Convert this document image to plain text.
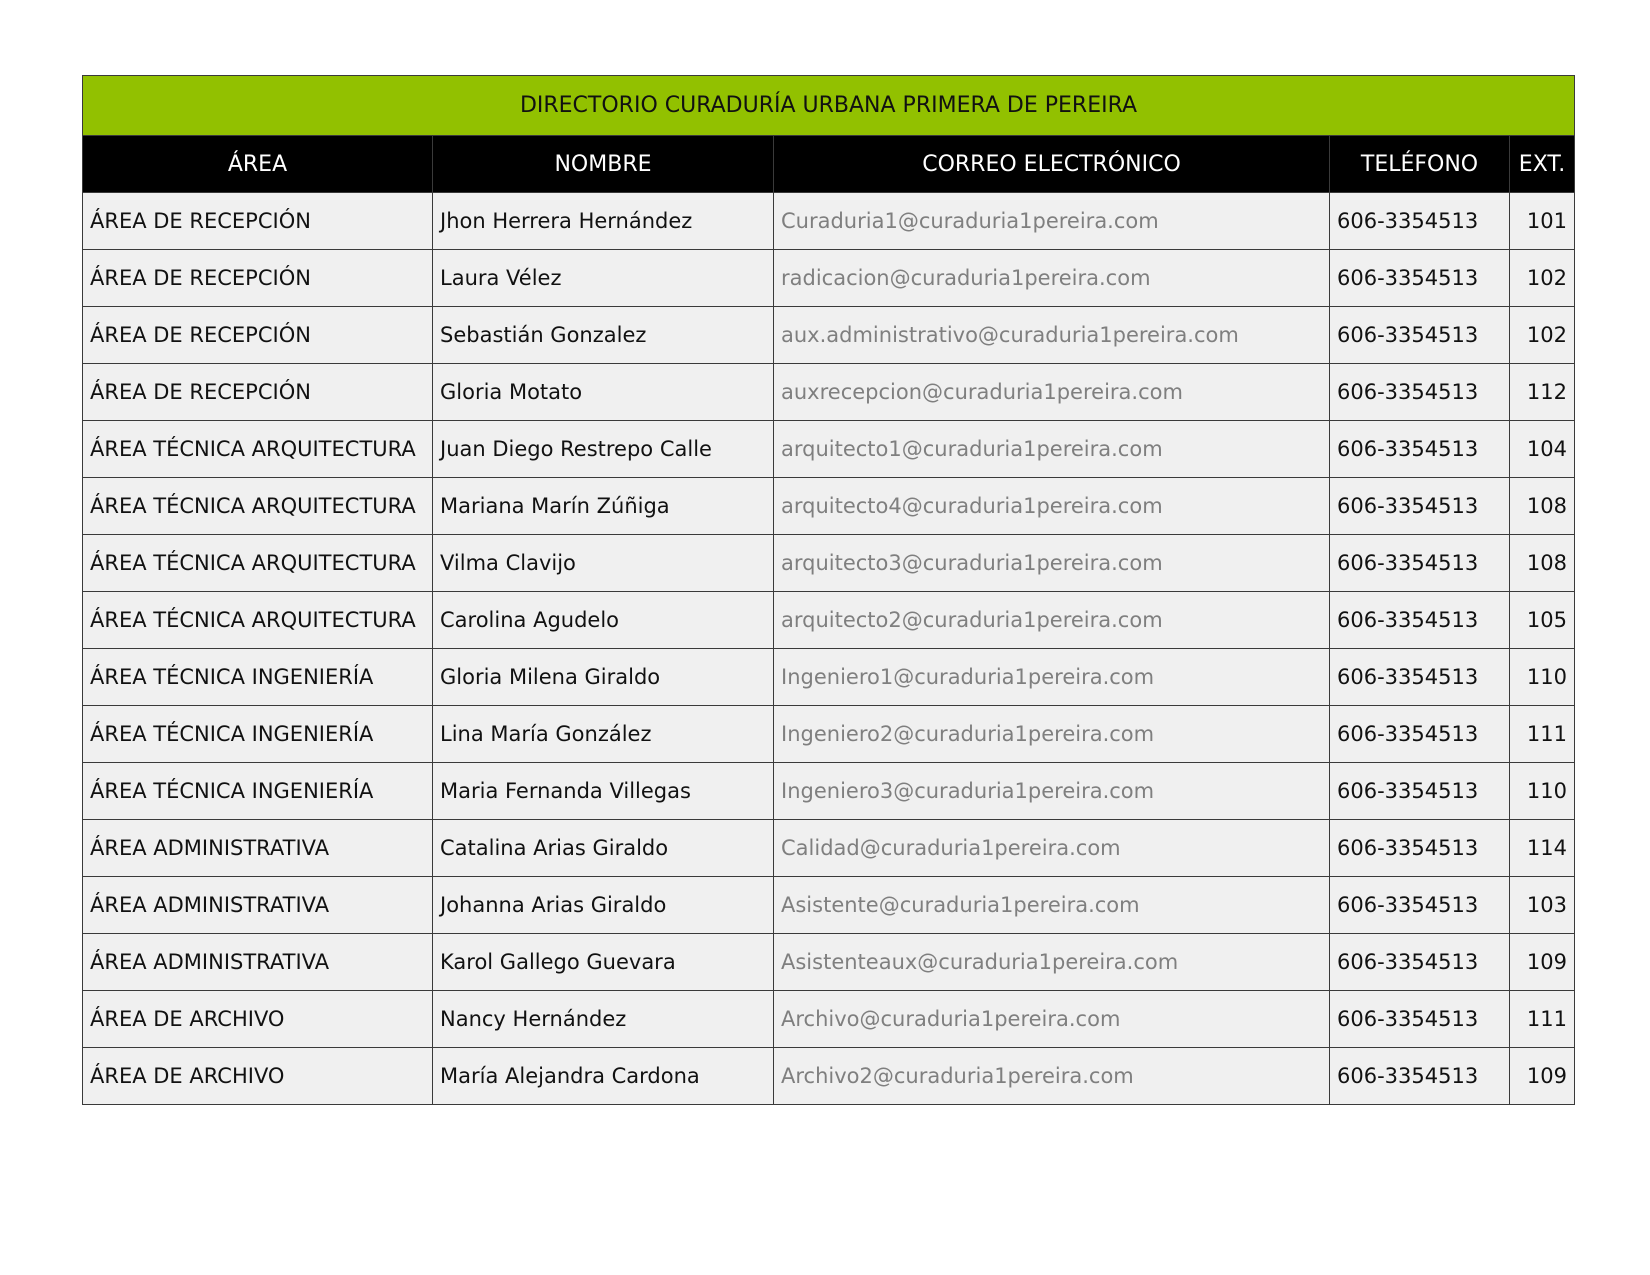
DIRECTORIO CURADURÍA URBANA PRIMERA DE PEREIRA				
ÁREA	NOMBRE	CORREO ELECTRÓNICO	TELÉFONO	EXT.
ÁREA DE RECEPCIÓN	Jhon Herrera Hernández	Curaduria1@curaduria1pereira.com	606-3354513	101
ÁREA DE RECEPCIÓN	Laura Vélez	radicacion@curaduria1pereira.com	606-3354513	102
ÁREA DE RECEPCIÓN	Sebastián Gonzalez	aux.administrativo@curaduria1pereira.com	606-3354513	102
ÁREA DE RECEPCIÓN	Gloria Motato	auxrecepcion@curaduria1pereira.com	606-3354513	112
ÁREA TÉCNICA ARQUITECTURA	Juan Diego Restrepo Calle	arquitecto1@curaduria1pereira.com	606-3354513	104
ÁREA TÉCNICA ARQUITECTURA	Mariana Marín Zúñiga	arquitecto4@curaduria1pereira.com	606-3354513	108
ÁREA TÉCNICA ARQUITECTURA	Vilma Clavijo	arquitecto3@curaduria1pereira.com	606-3354513	108
ÁREA TÉCNICA ARQUITECTURA	Carolina Agudelo	arquitecto2@curaduria1pereira.com	606-3354513	105
ÁREA TÉCNICA INGENIERÍA	Gloria Milena Giraldo	Ingeniero1@curaduria1pereira.com	606-3354513	110
ÁREA TÉCNICA INGENIERÍA	Lina María González	Ingeniero2@curaduria1pereira.com	606-3354513	111
ÁREA TÉCNICA INGENIERÍA	Maria Fernanda Villegas	Ingeniero3@curaduria1pereira.com	606-3354513	110
ÁREA ADMINISTRATIVA	Catalina Arias Giraldo	Calidad@curaduria1pereira.com	606-3354513	114
ÁREA ADMINISTRATIVA	Johanna Arias Giraldo	Asistente@curaduria1pereira.com	606-3354513	103
ÁREA ADMINISTRATIVA	Karol Gallego Guevara	Asistenteaux@curaduria1pereira.com	606-3354513	109
ÁREA DE ARCHIVO	Nancy Hernández	Archivo@curaduria1pereira.com	606-3354513	111
ÁREA DE ARCHIVO	María Alejandra Cardona	Archivo2@curaduria1pereira.com	606-3354513	109
